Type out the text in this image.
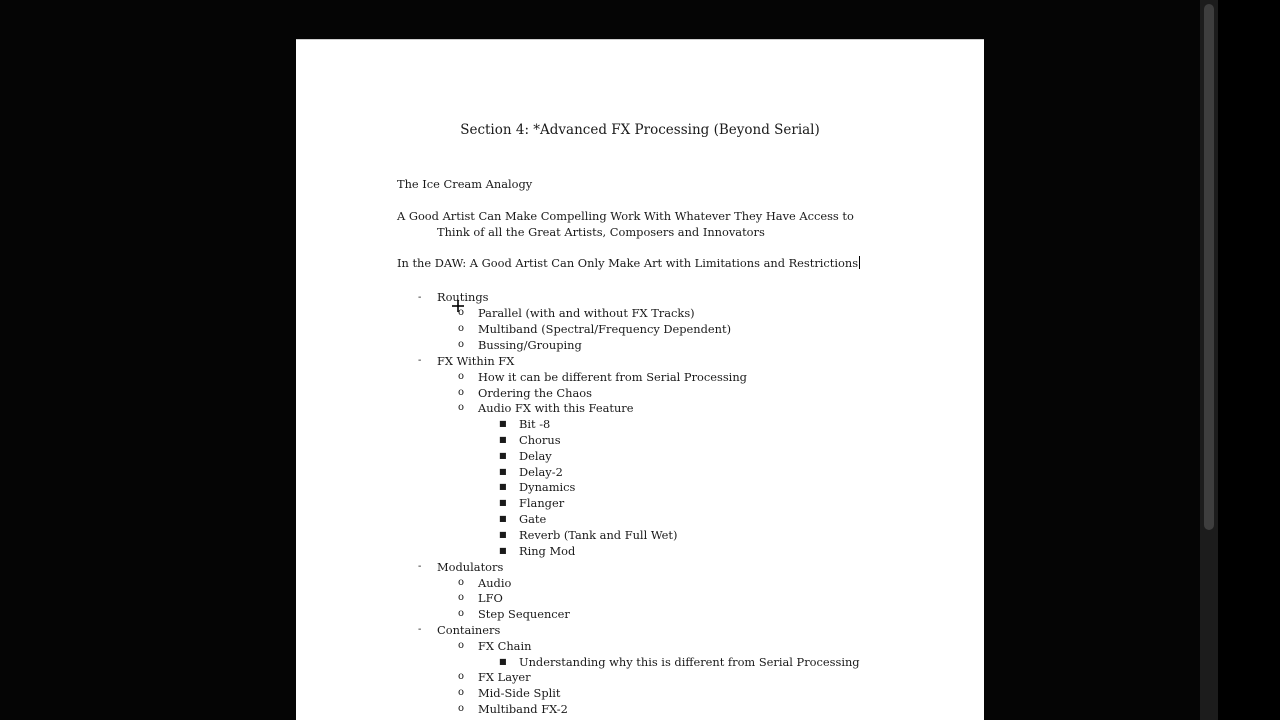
Section 4: *Advanced FX Processing (Beyond Serial)
The Ice Cream Analogy
A Good Artist Can Make Compelling Work With Whatever They Have Access to
Think of all the Great Artists, Composers and Innovators
In the DAW: A Good Artist Can Only Make Art with Limitations and Restrictions
- Routings
o Parallel (with and without FX Tracks)
o Multiband (Spectral/Frequency Dependent)
o Bussing/Grouping
- FX Within FX
o How it can be different from Serial Processing
o Ordering the Chaos
o Audio FX with this Feature
■ Bit -8
■ Chorus
■ Delay
■ Delay-2
■ Dynamics
■ Flanger
■ Gate
■ Reverb (Tank and Full Wet)
■ Ring Mod
- Modulators
o Audio
o LFO
o Step Sequencer
- Containers
o FX Chain
■ Understanding why this is different from Serial Processing
o FX Layer
o Mid-Side Split
o Multiband FX-2
